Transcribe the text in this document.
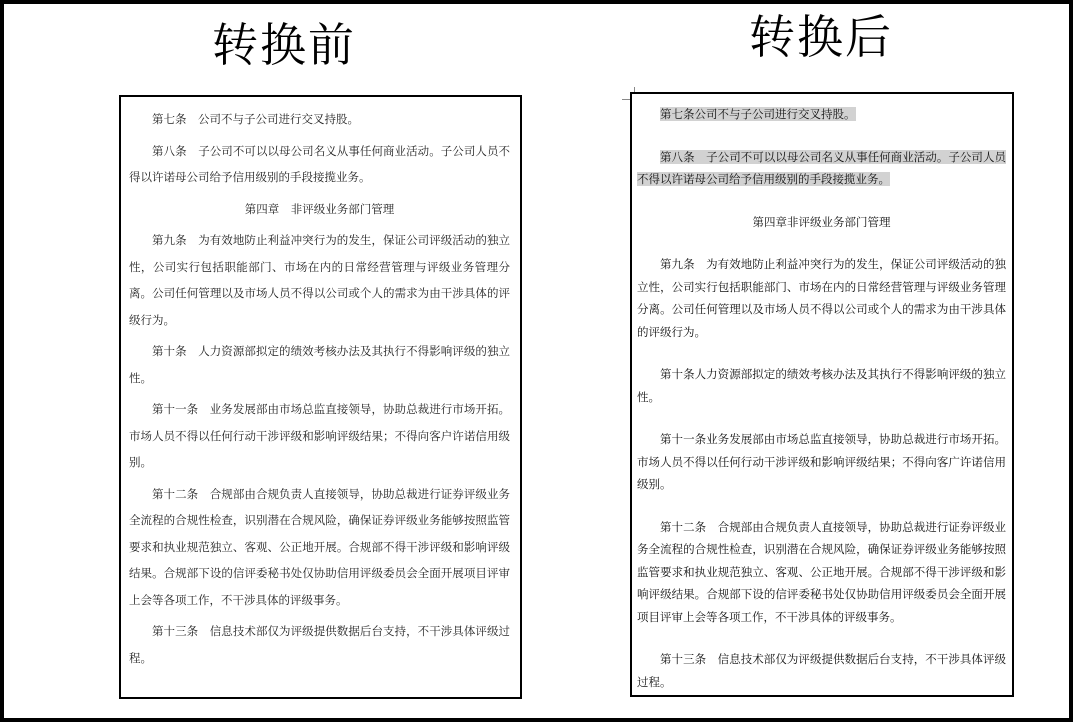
转换前	转换后

第七条　公司不与子公司进行交叉持股。

第八条　子公司不可以以母公司名义从事任何商业活动。子公司人员不得以许诺母公司给予信用级别的手段接揽业务。

第四章　非评级业务部门管理

第九条　为有效地防止利益冲突行为的发生，保证公司评级活动的独立性，公司实行包括职能部门、市场在内的日常经营管理与评级业务管理分离。公司任何管理以及市场人员不得以公司或个人的需求为由干涉具体的评级行为。

第十条　人力资源部拟定的绩效考核办法及其执行不得影响评级的独立性。

第十一条　业务发展部由市场总监直接领导，协助总裁进行市场开拓。市场人员不得以任何行动干涉评级和影响评级结果；不得向客户许诺信用级别。

第十二条　合规部由合规负责人直接领导，协助总裁进行证券评级业务全流程的合规性检查，识别潜在合规风险，确保证券评级业务能够按照监管要求和执业规范独立、客观、公正地开展。合规部不得干涉评级和影响评级结果。合规部下设的信评委秘书处仅协助信用评级委员会全面开展项目评审上会等各项工作，不干涉具体的评级事务。

第十三条　信息技术部仅为评级提供数据后台支持，不干涉具体评级过程。

第七条公司不与子公司进行交叉持股。

第八条　子公司不可以以母公司名义从事任何商业活动。子公司人员不得以许诺母公司给予信用级别的手段接揽业务。

第四章非评级业务部门管理

第九条　为有效地防止利益冲突行为的发生，保证公司评级活动的独立性，公司实行包括职能部门、市场在内的日常经营管理与评级业务管理分离。公司任何管理以及市场人员不得以公司或个人的需求为由干涉具体的评级行为。

第十条人力资源部拟定的绩效考核办法及其执行不得影响评级的独立性。

第十一条业务发展部由市场总监直接领导，协助总裁进行市场开拓。市场人员不得以任何行动干涉评级和影响评级结果；不得向客广许诺信用级别。

第十二条　合规部由合规负责人直接领导，协助总裁进行证券评级业务全流程的合规性检查，识别潜在合规风险，确保证券评级业务能够按照监管要求和执业规范独立、客观、公正地开展。合规部不得干涉评级和影响评级结果。合规部下设的信评委秘书处仅协助信用评级委员会全面开展项目评审上会等各项工作，不干涉具体的评级事务。

第十三条　信息技术部仅为评级提供数据后台支持，不干涉具体评级过程。
